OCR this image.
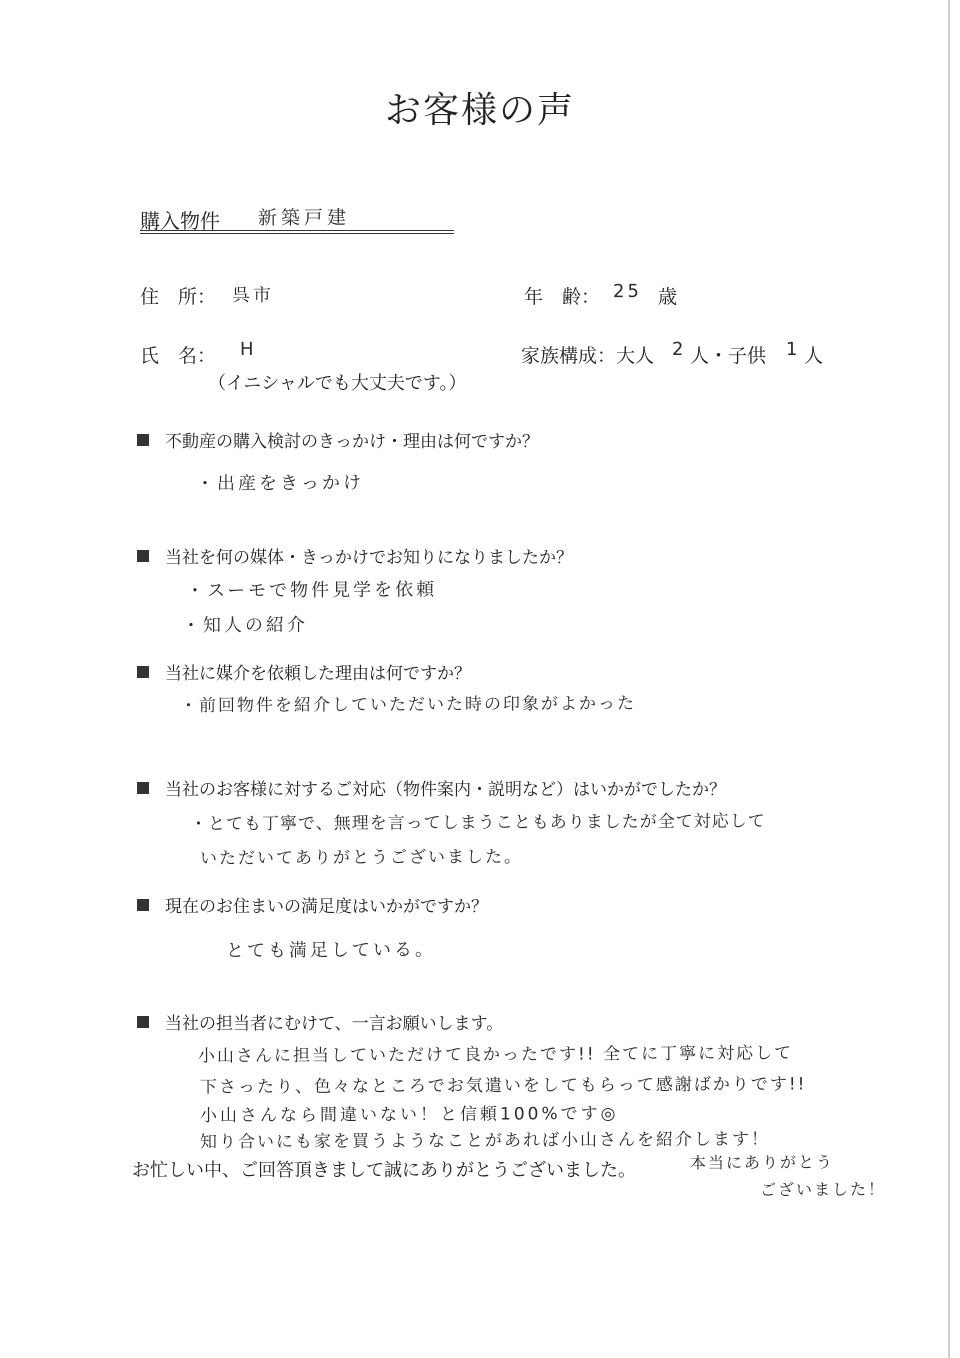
お客様の声
購入物件 新築戸建
住　所： 呉市	年　齢： 25 歳
氏　名： H
（イニシャルでも大丈夫です。）
家族構成：大人 2 人・子供 1 人
不動産の購入検討のきっかけ・理由は何ですか？
・出産をきっかけ
当社を何の媒体・きっかけでお知りになりましたか？
・スーモで物件見学を依頼
・知人の紹介
当社に媒介を依頼した理由は何ですか？
・前回物件を紹介していただいた時の印象がよかった
当社のお客様に対するご対応（物件案内・説明など）はいかがでしたか？
・とても丁寧で、無理を言ってしまうこともありましたが全て対応して
いただいてありがとうございました。
現在のお住まいの満足度はいかがですか？
とても満足している。
当社の担当者にむけて、一言お願いします。
小山さんに担当していただけて良かったです!! 全てに丁寧に対応して
下さったり、色々なところでお気遣いをしてもらって感謝ばかりです!!
小山さんなら間違いない！と信頼100%です◎
知り合いにも家を買うようなことがあれば小山さんを紹介します！
お忙しい中、ご回答頂きまして誠にありがとうございました。	本当にありがとう
ございました！
